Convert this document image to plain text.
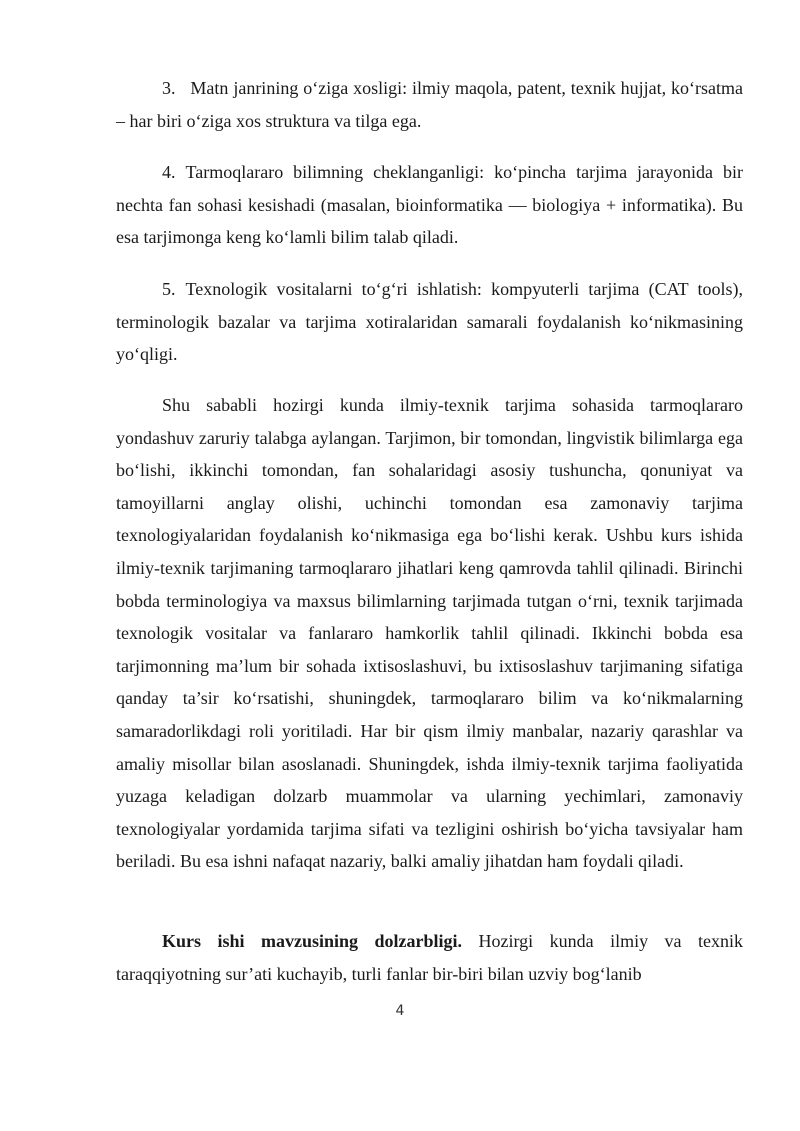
3. Matn janrining o‘ziga xosligi: ilmiy maqola, patent, texnik hujjat, ko‘rsatma – har biri o‘ziga xos struktura va tilga ega.

4. Tarmoqlararo bilimning cheklanganligi: ko‘pincha tarjima jarayonida bir nechta fan sohasi kesishadi (masalan, bioinformatika — biologiya + informatika). Bu esa tarjimonga keng ko‘lamli bilim talab qiladi.

5. Texnologik vositalarni to‘g‘ri ishlatish: kompyuterli tarjima (CAT tools), terminologik bazalar va tarjima xotiralaridan samarali foydalanish ko‘nikmasining yo‘qligi.

Shu sababli hozirgi kunda ilmiy-texnik tarjima sohasida tarmoqlararo yondashuv zaruriy talabga aylangan. Tarjimon, bir tomondan, lingvistik bilimlarga ega bo‘lishi, ikkinchi tomondan, fan sohalaridagi asosiy tushuncha, qonuniyat va tamoyillarni anglay olishi, uchinchi tomondan esa zamonaviy tarjima texnologiyalaridan foydalanish ko‘nikmasiga ega bo‘lishi kerak. Ushbu kurs ishida ilmiy-texnik tarjimaning tarmoqlararo jihatlari keng qamrovda tahlil qilinadi. Birinchi bobda terminologiya va maxsus bilimlarning tarjimada tutgan o‘rni, texnik tarjimada texnologik vositalar va fanlararo hamkorlik tahlil qilinadi. Ikkinchi bobda esa tarjimonning ma’lum bir sohada ixtisoslashuvi, bu ixtisoslashuv tarjimaning sifatiga qanday ta’sir ko‘rsatishi, shuningdek, tarmoqlararo bilim va ko‘nikmalarning samaradorlikdagi roli yoritiladi. Har bir qism ilmiy manbalar, nazariy qarashlar va amaliy misollar bilan asoslanadi. Shuningdek, ishda ilmiy-texnik tarjima faoliyatida yuzaga keladigan dolzarb muammolar va ularning yechimlari, zamonaviy texnologiyalar yordamida tarjima sifati va tezligini oshirish bo‘yicha tavsiyalar ham beriladi. Bu esa ishni nafaqat nazariy, balki amaliy jihatdan ham foydali qiladi.

Kurs ishi mavzusining dolzarbligi. Hozirgi kunda ilmiy va texnik taraqqiyotning sur’ati kuchayib, turli fanlar bir-biri bilan uzviy bog‘lanib

4
